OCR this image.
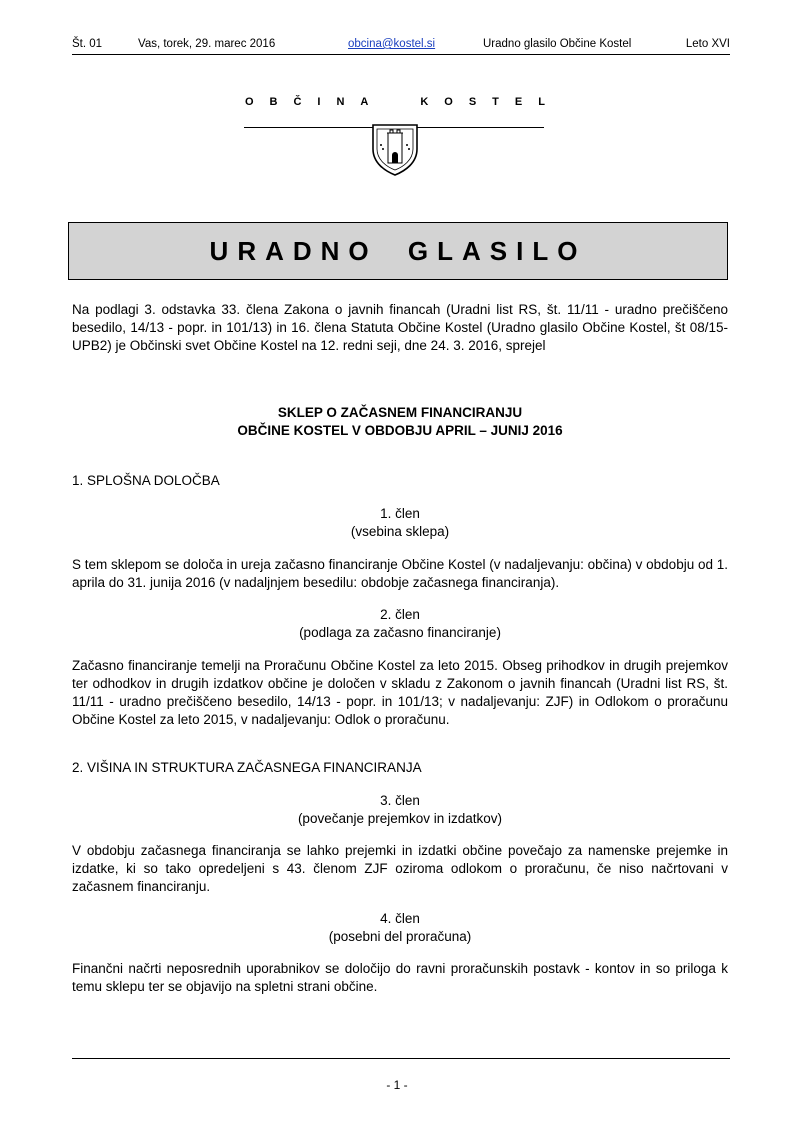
Št. 01	Vas, torek, 29. marec 2016	obcina@kostel.si	Uradno glasilo Občine Kostel	Leto XVI
O B Č I N A	K O S T E L
URADNO GLASILO

Na podlagi 3. odstavka 33. člena Zakona o javnih financah (Uradni list RS, št. 11/11 - uradno prečiščeno besedilo, 14/13 - popr. in 101/13) in 16. člena Statuta Občine Kostel (Uradno glasilo Občine Kostel, št 08/15-UPB2) je Občinski svet Občine Kostel na 12. redni seji, dne 24. 3. 2016, sprejel

SKLEP O ZAČASNEM FINANCIRANJU
OBČINE KOSTEL V OBDOBJU APRIL – JUNIJ 2016
1. SPLOŠNA DOLOČBA
1. člen
(vsebina sklepa)

S tem sklepom se določa in ureja začasno financiranje Občine Kostel (v nadaljevanju: občina) v obdobju od 1. aprila do 31. junija 2016 (v nadaljnjem besedilu: obdobje začasnega financiranja).

2. člen
(podlaga za začasno financiranje)

Začasno financiranje temelji na Proračunu Občine Kostel za leto 2015. Obseg prihodkov in drugih prejemkov ter odhodkov in drugih izdatkov občine je določen v skladu z Zakonom o javnih financah (Uradni list RS, št. 11/11 - uradno prečiščeno besedilo, 14/13 - popr. in 101/13; v nadaljevanju: ZJF) in Odlokom o proračunu Občine Kostel za leto 2015, v nadaljevanju: Odlok o proračunu.

2. VIŠINA IN STRUKTURA ZAČASNEGA FINANCIRANJA
3. člen
(povečanje prejemkov in izdatkov)

V obdobju začasnega financiranja se lahko prejemki in izdatki občine povečajo za namenske prejemke in izdatke, ki so tako opredeljeni s 43. členom ZJF oziroma odlokom o proračunu, če niso načrtovani v začasnem financiranju.

4. člen
(posebni del proračuna)

Finančni načrti neposrednih uporabnikov se določijo do ravni proračunskih postavk - kontov in so priloga k temu sklepu ter se objavijo na spletni strani občine.

- 1 -
